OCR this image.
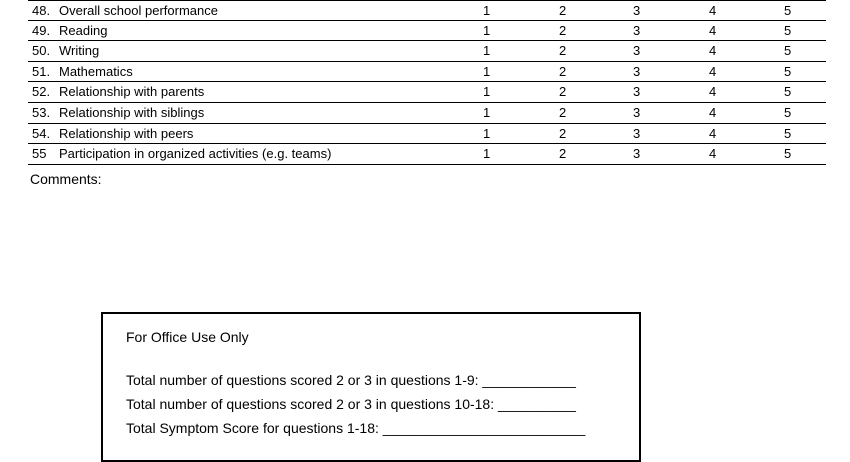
48. Overall school performance	1	2	3	4	5
49. Reading	1	2	3	4	5
50. Writing	1	2	3	4	5
51. Mathematics	1	2	3	4	5
52. Relationship with parents	1	2	3	4	5
53. Relationship with siblings	1	2	3	4	5
54. Relationship with peers	1	2	3	4	5
55 Participation in organized activities (e.g. teams)	1	2	3	4	5
Comments:
For Office Use Only
Total number of questions scored 2 or 3 in questions 1-9: ____________
Total number of questions scored 2 or 3 in questions 10-18: __________
Total Symptom Score for questions 1-18: __________________________
